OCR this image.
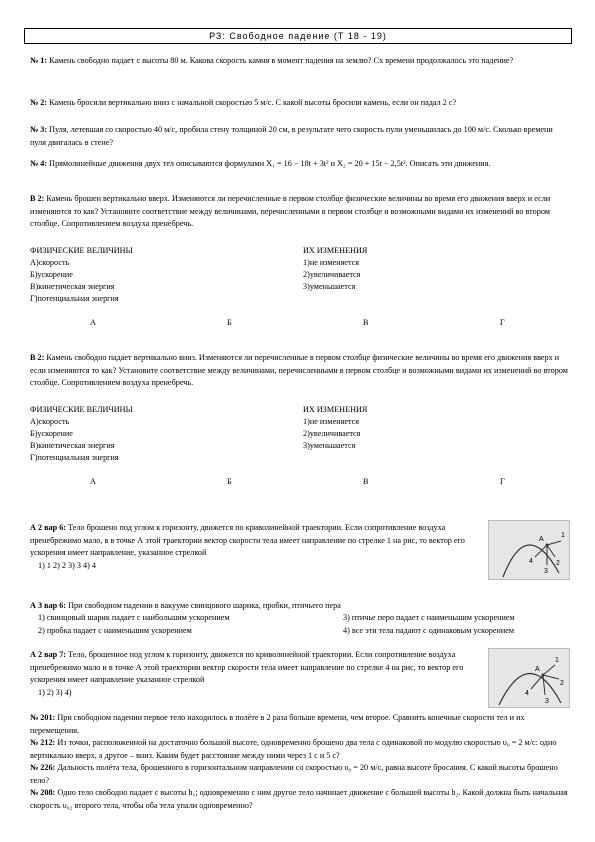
РЗ: Свободное падение (Т 18 - 19)

№ 1: Камень свободно падает с высоты 80 м. Какова скорость камня в момент падения на землю? Сх времени продолжалось это падение?

№ 2: Камень бросили вертикально вниз с начальной скоростью 5 м/с. С какой высоты бросили камень, если он падал 2 с?

№ 3: Пуля, летевшая со скоростью 40 м/с, пробила стену толщиной 20 см, в результате чего скорость пули уменьшилась до 100 м/с. Сколько времени пуля двигалась в стене?

№ 4: Прямолинейные движения двух тел описываются формулами X₁ = 16 − 18t + 3t² и X₂ = 20 + 15t − 2,5t². Описать эти движения.

В 2: Камень брошен вертикально вверх. Изменяются ли перечисленные в первом столбце физические величины во время его движения вверх и если изменяются то как? Установите соответствие между величинами, перечисленными в первом столбце и возможными видами их изменений во втором столбце. Сопротивлением воздуха пренебречь.

ФИЗИЧЕСКИЕ ВЕЛИЧИНЫ
А)скорость
Б)ускорение
В)кинетическая энергия
Г)потенциальная энергия
ИХ ИЗМЕНЕНИЯ
1)не изменяется
2)увеличивается
3)уменьшается
А	Б	В	Г

В 2: Камень свободно падает вертикально вниз. Изменяются ли перечисленные в первом столбце физические величины во время его движения вверх и если изменяются то как? Установите соответствие между величинами, перечисленными в первом столбце и возможными видами их изменений во втором столбце. Сопротивлением воздуха пренебречь.

ФИЗИЧЕСКИЕ ВЕЛИЧИНЫ
А)скорость
Б)ускорение
В)кинетическая энергия
Г)потенциальная энергия
ИХ ИЗМЕНЕНИЯ
1)не изменяется
2)увеличивается
3)уменьшается
А	Б	В	Г

А 2 вар 6: Тело брошено под углом к горизонту, движется по криволинейной траектории. Если сопротивление воздуха пренебрежимо мало, в в точке А этой траектории вектор скорости тела имеет направление по стрелке 1 на рис, то вектор его ускорения имеет направление, указанное стрелкой

1) 1 2) 2 3) 3 4) 4
1
2
3
4
А

А 3 вар 6: При свободном падении в вакууме свинцового шарика, пробки, птичьего пера

1) свинцовый шарик падает с наибольшим ускорением
2) пробка падает с наименьшим ускорением
3) птичье перо падает с наименьшим ускорением
4) все эти тела падают с одинаковым ускорением

А 2 вар 7: Тело, брошенное под углом к горизонту, движется по криволинейной траектории. Если сопротивление воздуха пренебрежимо мало и в точке А этой траектории вектор скорости тела имеет направление по стрелке 4 на рис, то вектор его ускорения имеет направление указанное стрелкой

1) 2) 3) 4)
1
2
3
4
А

№ 201: При свободном падении первое тело находилось в полёте в 2 раза больше времени, чем второе. Сравнить конечные скорости тел и их перемещения.

№ 212: Из точки, расположенной на достаточно большой высоте, одновременно брошено два тела с одинаковой по модулю скоростью υ₀ = 2 м/с: одно вертикально вверх, а другое – вниз. Каким будет расстояние между ними через 1 с и 5 с?

№ 226: Дальность полёта тела, брошенного в горизонтальном направлении со скоростью υ₀ = 20 м/с, равна высоте бросания. С какой высоты брошено тело?

№ 208: Одно тело свободно падает с высоты h₁; одновременно с ним другое тело начинает движение с большей высоты h₂. Какой должна быть начальная скорость υ₀₂ второго тела, чтобы оба тела упали одновременно?
